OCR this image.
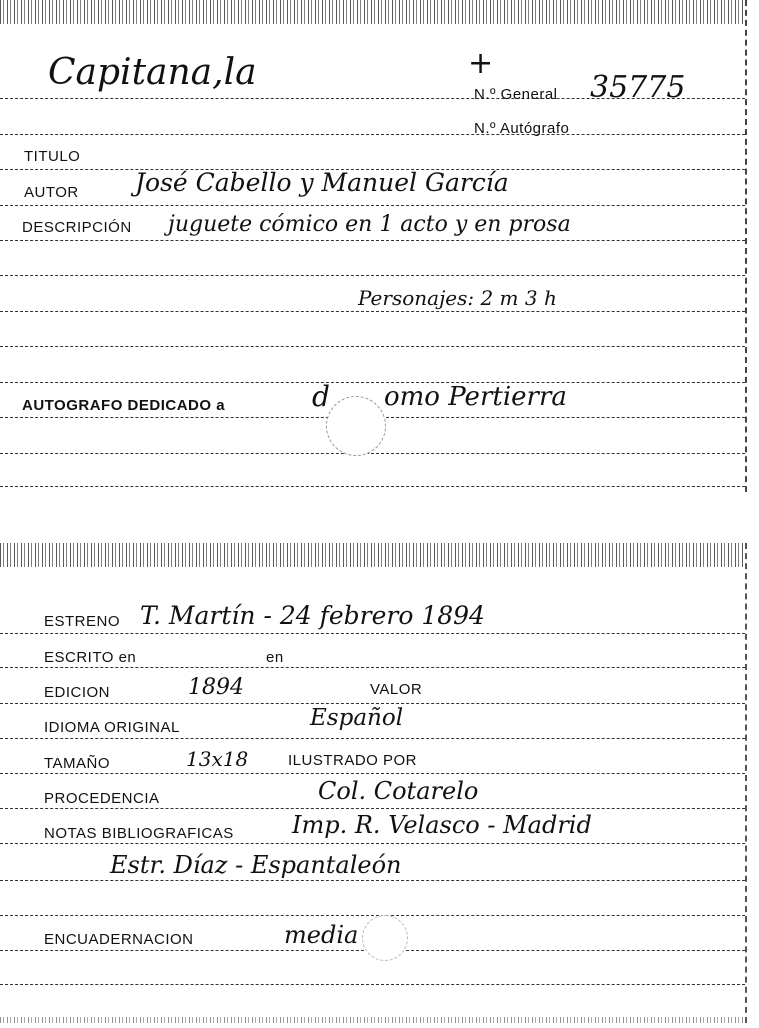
Capitana,la	+
N.º General 35775
N.º Autógrafo
TITULO
AUTOR José Cabello y Manuel García
DESCRIPCIÓN juguete cómico en 1 acto y en prosa
Personajes: 2 m 3 h
AUTOGRAFO DEDICADO a	d omo Pertierra
ESTRENO T. Martín - 24 febrero 1894
ESCRITO en	en
EDICION	1894	VALOR
IDIOMA ORIGINAL	Español
TAMAÑO	13x18	ILUSTRADO POR
PROCEDENCIA	Col. Cotarelo
NOTAS BIBLIOGRAFICAS Imp. R. Velasco - Madrid
Estr. Díaz - Espantaleón
ENCUADERNACION	media
